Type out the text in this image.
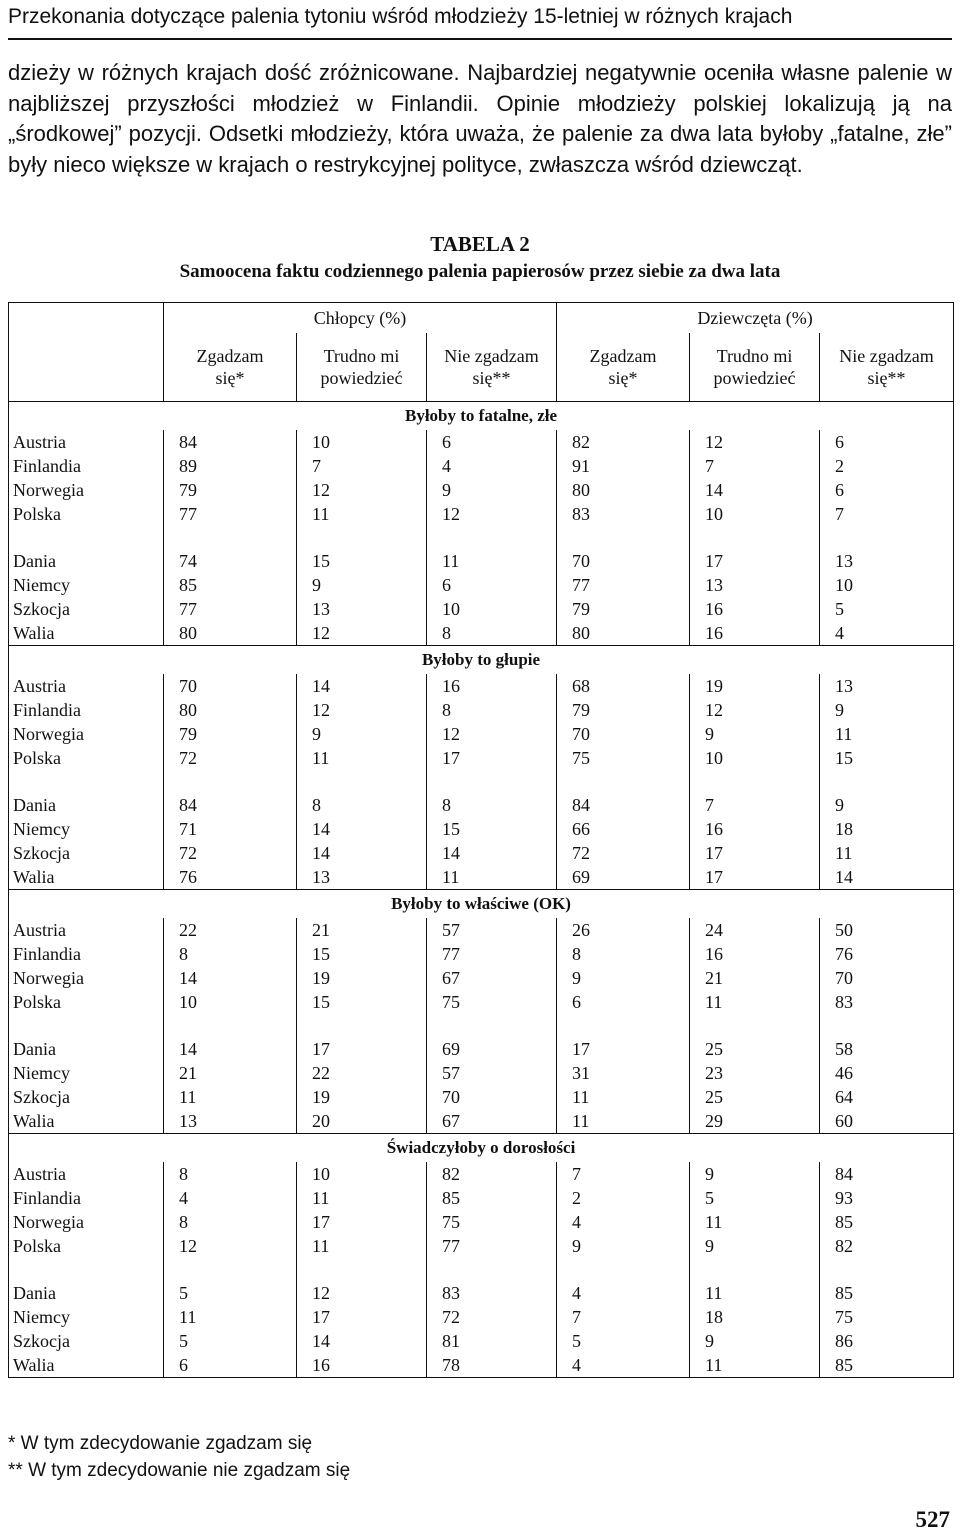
Przekonania dotyczące palenia tytoniu wśród młodzieży 15-letniej w różnych krajach

dzieży w różnych krajach dość zróżnicowane. Najbardziej negatywnie oceniła własne palenie w najbliższej przyszłości młodzież w Finlandii. Opinie młodzieży polskiej lokalizują ją na „środkowej” pozycji. Odsetki młodzieży, która uważa, że palenie za dwa lata byłoby „fatalne, złe” były nieco większe w krajach o restrykcyjnej polityce, zwłaszcza wśród dziewcząt.

TABELA 2
Samoocena faktu codziennego palenia papierosów przez siebie za dwa lata
	Chłopcy (%)			Dziewczęta (%)		
	Zgadzam
się*	Trudno mi
powiedzieć	Nie zgadzam
się**	Zgadzam
się*	Trudno mi
powiedzieć	Nie zgadzam
się**
Byłoby to fatalne, złe						
Austria	84	10	6	82	12	6
Finlandia	89	7	4	91	7	2
Norwegia	79	12	9	80	14	6
Polska	77	11	12	83	10	7

Dania	74	15	11	70	17	13
Niemcy	85	9	6	77	13	10
Szkocja	77	13	10	79	16	5
Walia	80	12	8	80	16	4
Byłoby to głupie						
Austria	70	14	16	68	19	13
Finlandia	80	12	8	79	12	9
Norwegia	79	9	12	70	9	11
Polska	72	11	17	75	10	15

Dania	84	8	8	84	7	9
Niemcy	71	14	15	66	16	18
Szkocja	72	14	14	72	17	11
Walia	76	13	11	69	17	14
Byłoby to właściwe (OK)						
Austria	22	21	57	26	24	50
Finlandia	8	15	77	8	16	76
Norwegia	14	19	67	9	21	70
Polska	10	15	75	6	11	83

Dania	14	17	69	17	25	58
Niemcy	21	22	57	31	23	46
Szkocja	11	19	70	11	25	64
Walia	13	20	67	11	29	60
Świadczyłoby o dorosłości						
Austria	8	10	82	7	9	84
Finlandia	4	11	85	2	5	93
Norwegia	8	17	75	4	11	85
Polska	12	11	77	9	9	82

Dania	5	12	83	4	11	85
Niemcy	11	17	72	7	18	75
Szkocja	5	14	81	5	9	86
Walia	6	16	78	4	11	85
* W tym zdecydowanie zgadzam się
** W tym zdecydowanie nie zgadzam się
527
